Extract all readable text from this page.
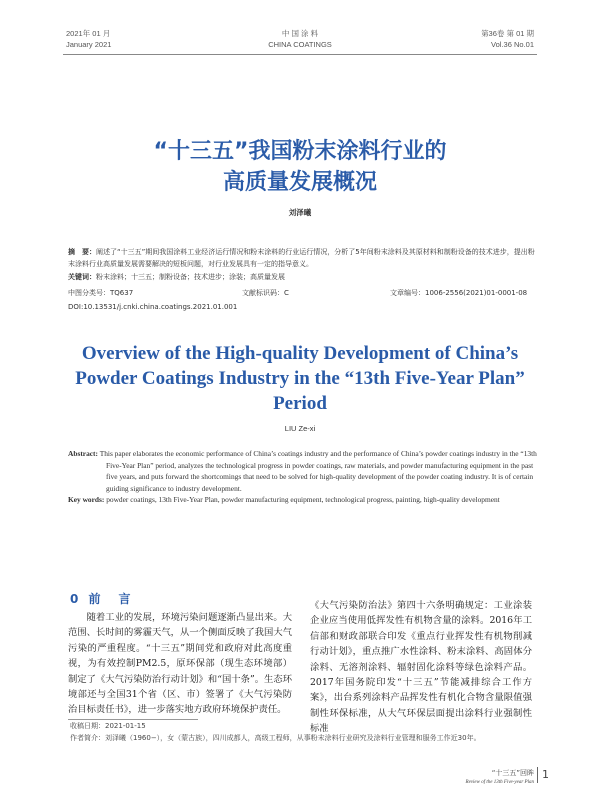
2021年 01 月
January 2021
中 国 涂 料
CHINA COATINGS
第36卷 第 01 期
Vol.36 No.01
“十三五”我国粉末涂料行业的
高质量发展概况
刘泽曦
摘　要：阐述了“十三五”期间我国涂料工业经济运行情况和粉末涂料的行业运行情况，分析了5年间粉末涂料及其原材料和制粉设备的技术进步，提出粉末涂料行业高质量发展需要解决的短板问题，对行业发展具有一定的指导意义。
关键词：粉末涂料；十三五；制粉设备；技术进步；涂装；高质量发展
中图分类号：TQ637	文献标识码：C	文章编号：1006-2556(2021)01-0001-08
DOI:10.13531/j.cnki.china.coatings.2021.01.001
Overview of the High-quality Development of China’s
Powder Coatings Industry in the “13th Five-Year Plan”
Period
LIU Ze-xi
Abstract: This paper elaborates the economic performance of China’s coatings industry and the performance of China’s powder coatings industry in the “13th Five-Year Plan” period, analyzes the technological progress in powder coatings, raw materials, and powder manufacturing equipment in the past five years, and puts forward the shortcomings that need to be solved for high-quality development of the powder coating industry. It is of certain guiding significance to industry development.
Key words: powder coatings, 13th Five-Year Plan, powder manufacturing equipment, technological progress, painting, high-quality development
0 前　言
随着工业的发展，环境污染问题逐渐凸显出来。大范围、长时间的雾霾天气，从一个侧面反映了我国大气污染的严重程度。“十三五”期间党和政府对此高度重视，为有效控制PM2.5，原环保部（现生态环境部）制定了《大气污染防治行动计划》和“国十条”。生态环境部还与全国31个省（区、市）签署了《大气污染防治目标责任书》，进一步落实地方政府环境保护责任。
《大气污染防治法》第四十六条明确规定：工业涂装企业应当使用低挥发性有机物含量的涂料。2016年工信部和财政部联合印发《重点行业挥发性有机物削减行动计划》，重点推广水性涂料、粉末涂料、高固体分涂料、无溶剂涂料、辐射固化涂料等绿色涂料产品。2017年国务院印发“十三五”节能减排综合工作方案》，出台系列涂料产品挥发性有机化合物含量限值强制性环保标准，从大气环保层面提出涂料行业强制性标准
收稿日期：2021-01-15
作者简介：刘泽曦（1960−），女（蒙古族），四川成都人，高级工程师，从事粉末涂料行业研究及涂料行业管理和服务工作近30年。
“十三五”回眸
Review of the 13th Five-year Plan
1
